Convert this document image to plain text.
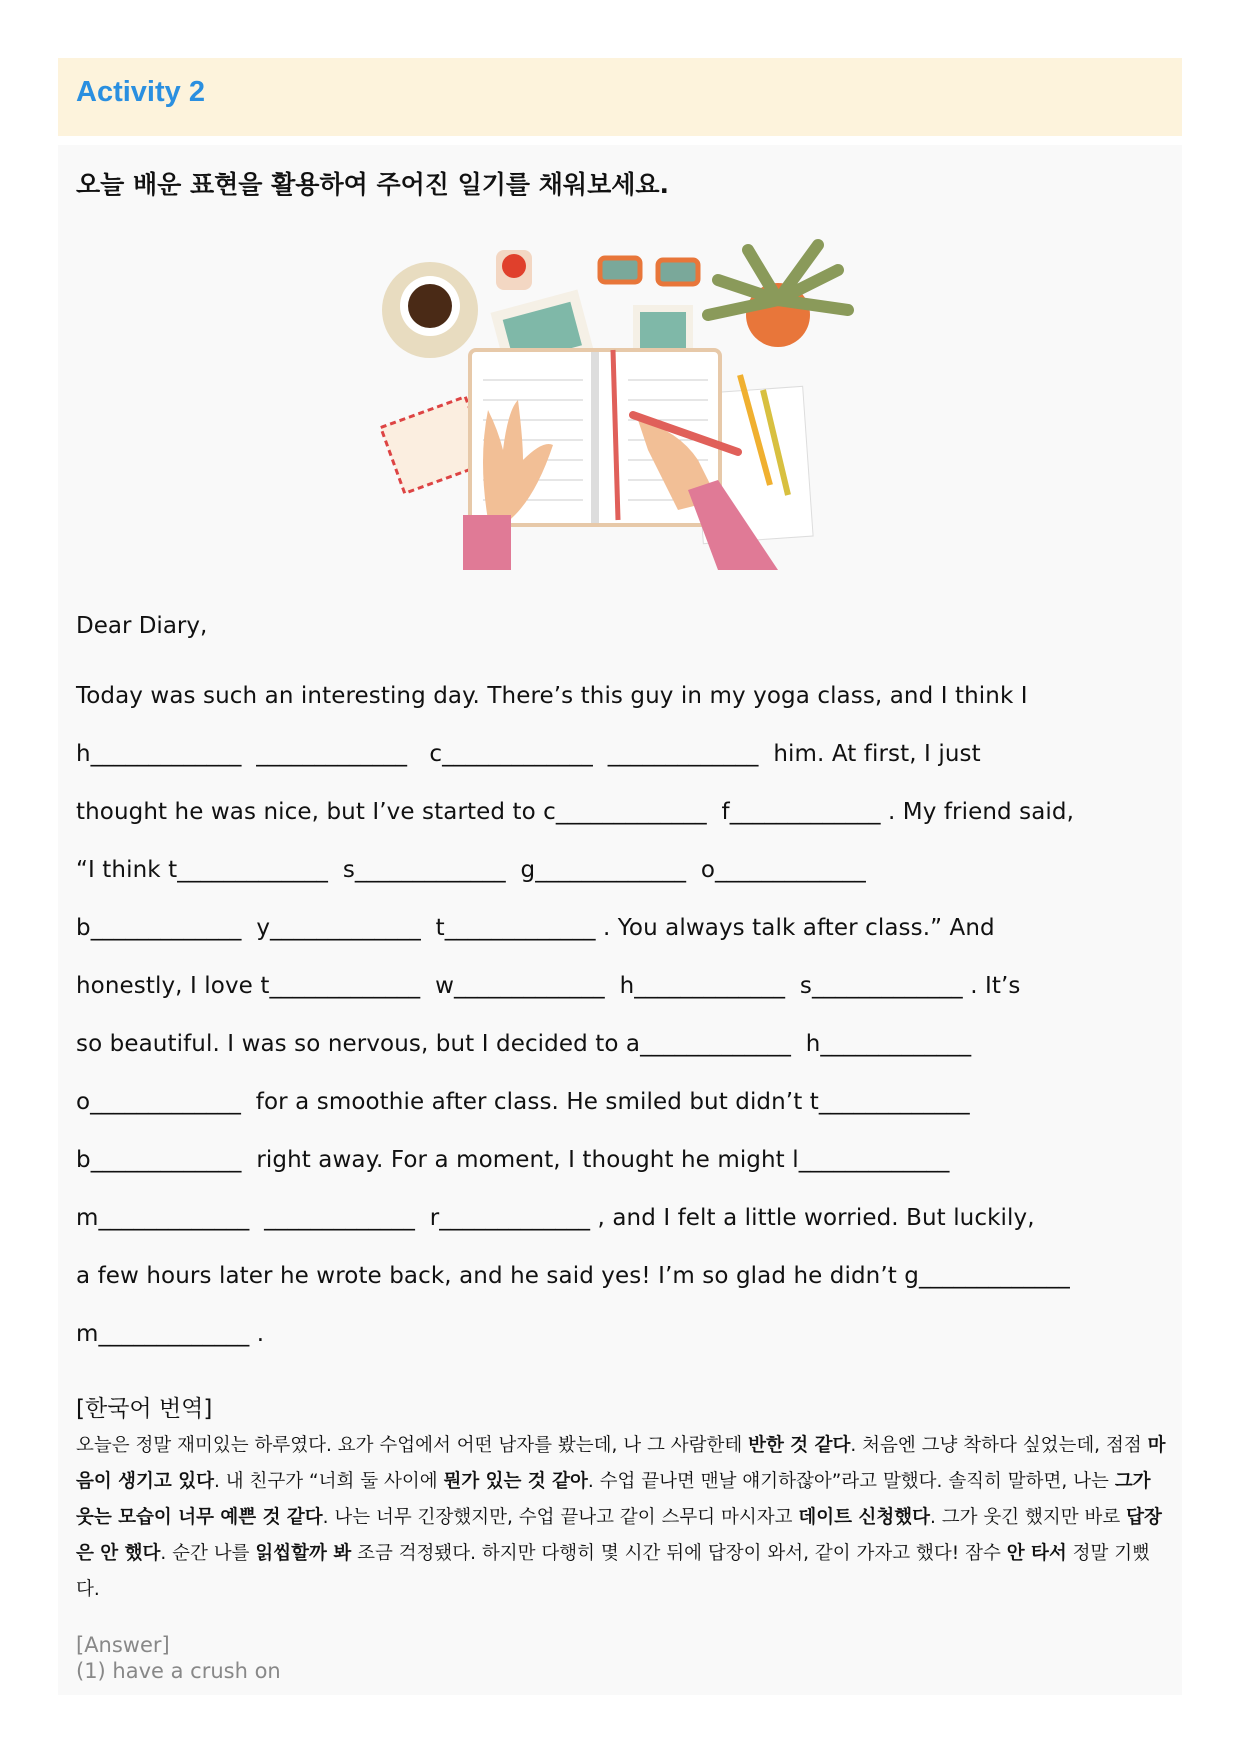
Activity 2
오늘 배운 표현을 활용하여 주어진 일기를 채워보세요.
Dear Diary,
Today was such an interesting day. There’s this guy in my yoga class, and I think I
h_____________  _____________   c_____________  _____________  him. At first, I just
thought he was nice, but I’ve started to c_____________  f_____________ . My friend said,
“I think t_____________  s_____________  g_____________  o_____________
b_____________  y_____________  t_____________ . You always talk after class.” And
honestly, I love t_____________  w_____________  h_____________  s_____________ . It’s
so beautiful. I was so nervous, but I decided to a_____________  h_____________
o_____________  for a smoothie after class. He smiled but didn’t t_____________
b_____________  right away. For a moment, I thought he might l_____________
m_____________  _____________  r_____________ , and I felt a little worried. But luckily,
a few hours later he wrote back, and he said yes! I’m so glad he didn’t g_____________
m_____________ .
[한국어 번역]
오늘은 정말 재미있는 하루였다. 요가 수업에서 어떤 남자를 봤는데, 나 그 사람한테 반한 것 같다. 처음엔 그냥 착하다 싶었는데, 점점 마음이 생기고 있다. 내 친구가 “너희 둘 사이에 뭔가 있는 것 같아. 수업 끝나면 맨날 얘기하잖아”라고 말했다. 솔직히 말하면, 나는 그가 웃는 모습이 너무 예쁜 것 같다. 나는 너무 긴장했지만, 수업 끝나고 같이 스무디 마시자고 데이트 신청했다. 그가 웃긴 했지만 바로 답장은 안 했다. 순간 나를 읽씹할까 봐 조금 걱정됐다. 하지만 다행히 몇 시간 뒤에 답장이 와서, 같이 가자고 했다! 잠수 안 타서 정말 기뻤다.
[Answer]
(1) have a crush on
